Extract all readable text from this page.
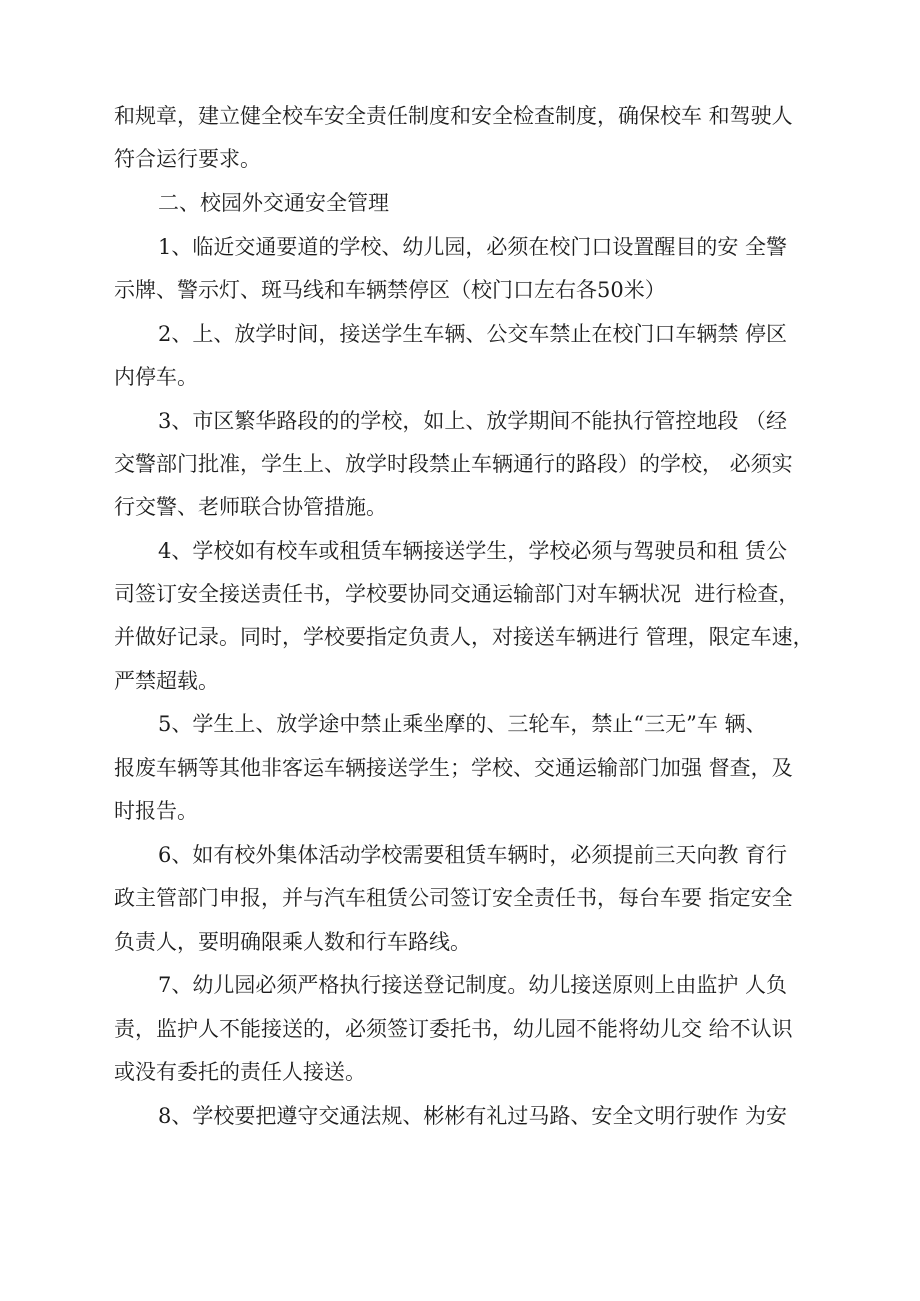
和规章，建立健全校车安全责任制度和安全检查制度，确保校车 和驾驶人
符合运行要求。
二、校园外交通安全管理
1、临近交通要道的学校、幼儿园，必须在校门口设置醒目的安 全警
示牌、警示灯、斑马线和车辆禁停区（校门口左右各50米）
2、上、放学时间，接送学生车辆、公交车禁止在校门口车辆禁 停区
内停车。
3、市区繁华路段的的学校，如上、放学期间不能执行管控地段 （经
交警部门批准，学生上、放学时段禁止车辆通行的路段）的学校， 必须实
行交警、老师联合协管措施。
4、学校如有校车或租赁车辆接送学生，学校必须与驾驶员和租 赁公
司签订安全接送责任书，学校要协同交通运输部门对车辆状况  进行检查，
并做好记录。同时，学校要指定负责人，对接送车辆进行 管理，限定车速，
严禁超载。
5、学生上、放学途中禁止乘坐摩的、三轮车，禁止“三无”车 辆、
报废车辆等其他非客运车辆接送学生；学校、交通运输部门加强 督查，及
时报告。
6、如有校外集体活动学校需要租赁车辆时，必须提前三天向教 育行
政主管部门申报，并与汽车租赁公司签订安全责任书，每台车要 指定安全
负责人，要明确限乘人数和行车路线。
7、幼儿园必须严格执行接送登记制度。幼儿接送原则上由监护 人负
责，监护人不能接送的，必须签订委托书，幼儿园不能将幼儿交 给不认识
或没有委托的责任人接送。
8、学校要把遵守交通法规、彬彬有礼过马路、安全文明行驶作 为安
